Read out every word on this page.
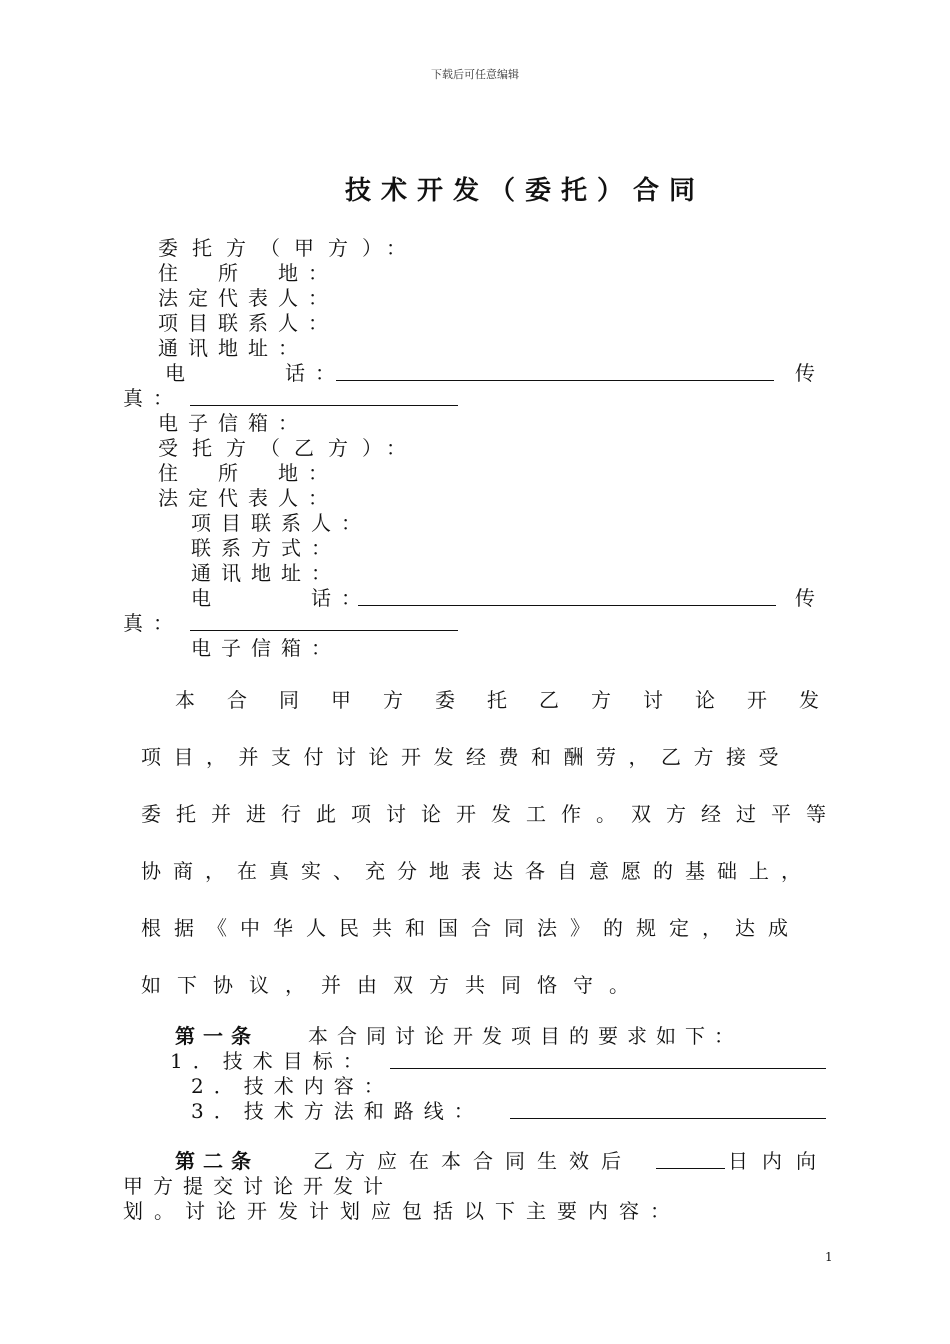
下载后可任意编辑
技术开发（委托）合同
委托方（甲方）：
住　所　地：
法定代表人：
项目联系人：
通讯地址：
电　　　话：	传
真：
电子信箱：
受托方（乙方）：
住　所　地：
法定代表人：
项目联系人：
联系方式：
通讯地址：
电　　　话：	传
真：
电子信箱：
本合同甲方委托乙方讨论开发
项目，并支付讨论开发经费和酬劳，乙方接受
委托并进行此项讨论开发工作。双方经过平等
协商，在真实、充分地表达各自意愿的基础上，
根据《中华人民共和国合同法》的规定，达成
如下协议，并由双方共同恪守。
第一条 本合同讨论开发项目的要求如下：
1．技术目标：
2．技术内容：
3．技术方法和路线：
第二条	乙方应在本合同生效后	日内向
甲方提交讨论开发计
划。讨论开发计划应包括以下主要内容：
1
